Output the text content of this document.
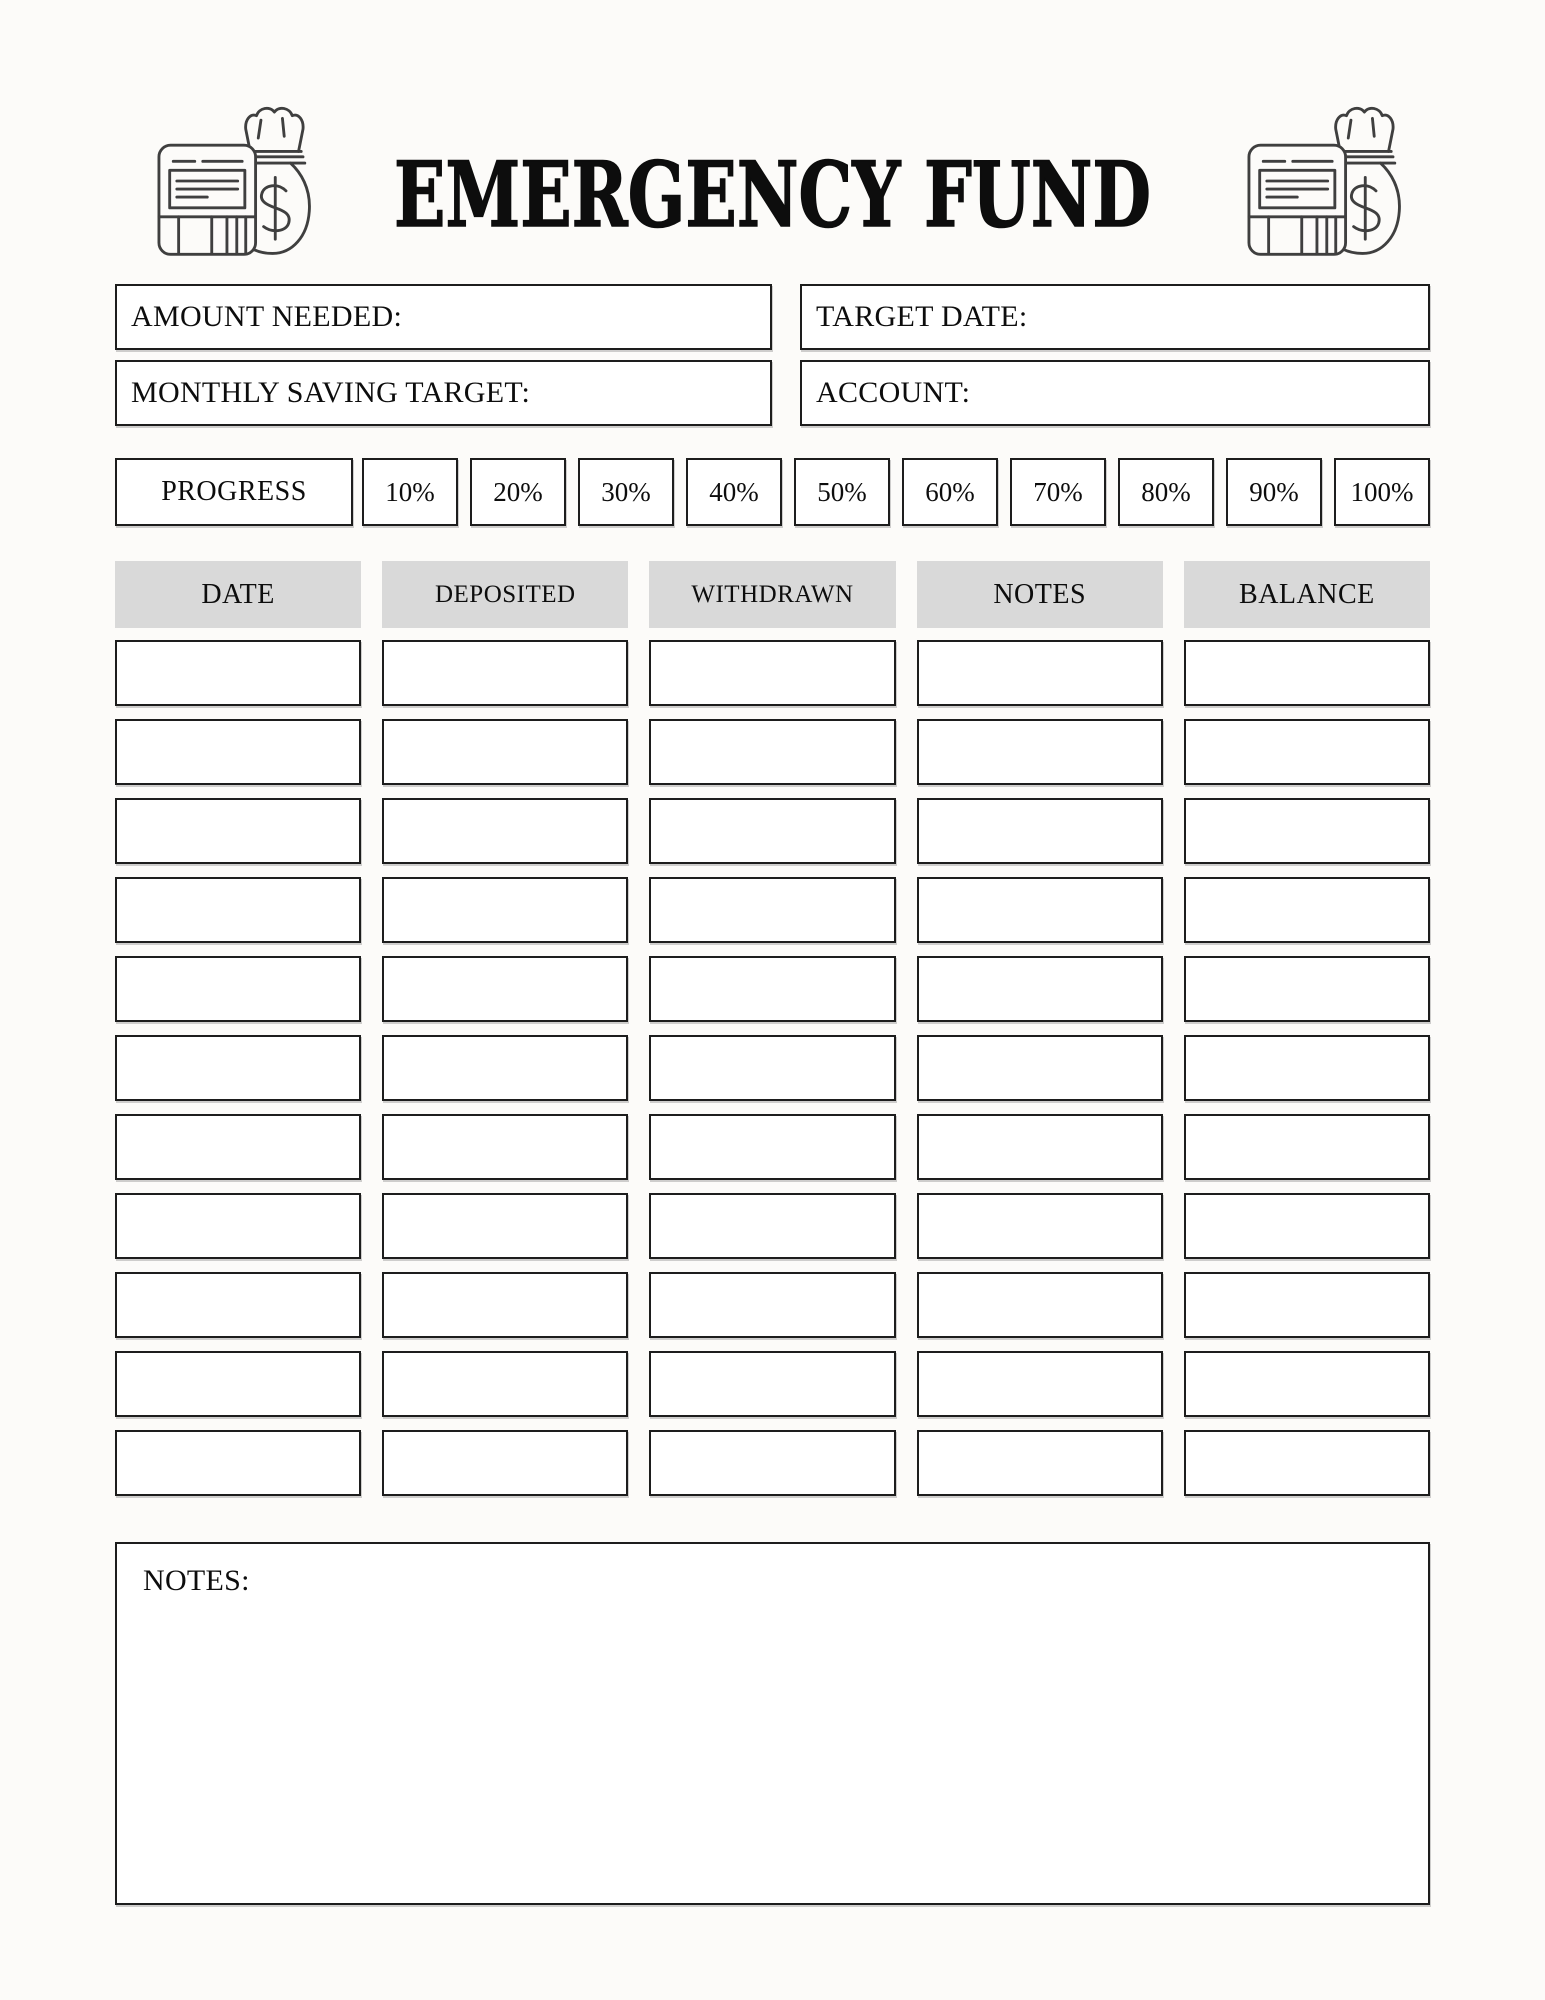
EMERGENCY FUND
AMOUNT NEEDED:	TARGET DATE:
MONTHLY SAVING TARGET:	ACCOUNT:
PROGRESS	10%	20%	30%	40%	50%	60%	70%	80%	90%	100%
DATE	DEPOSITED	WITHDRAWN	NOTES	BALANCE
NOTES:
